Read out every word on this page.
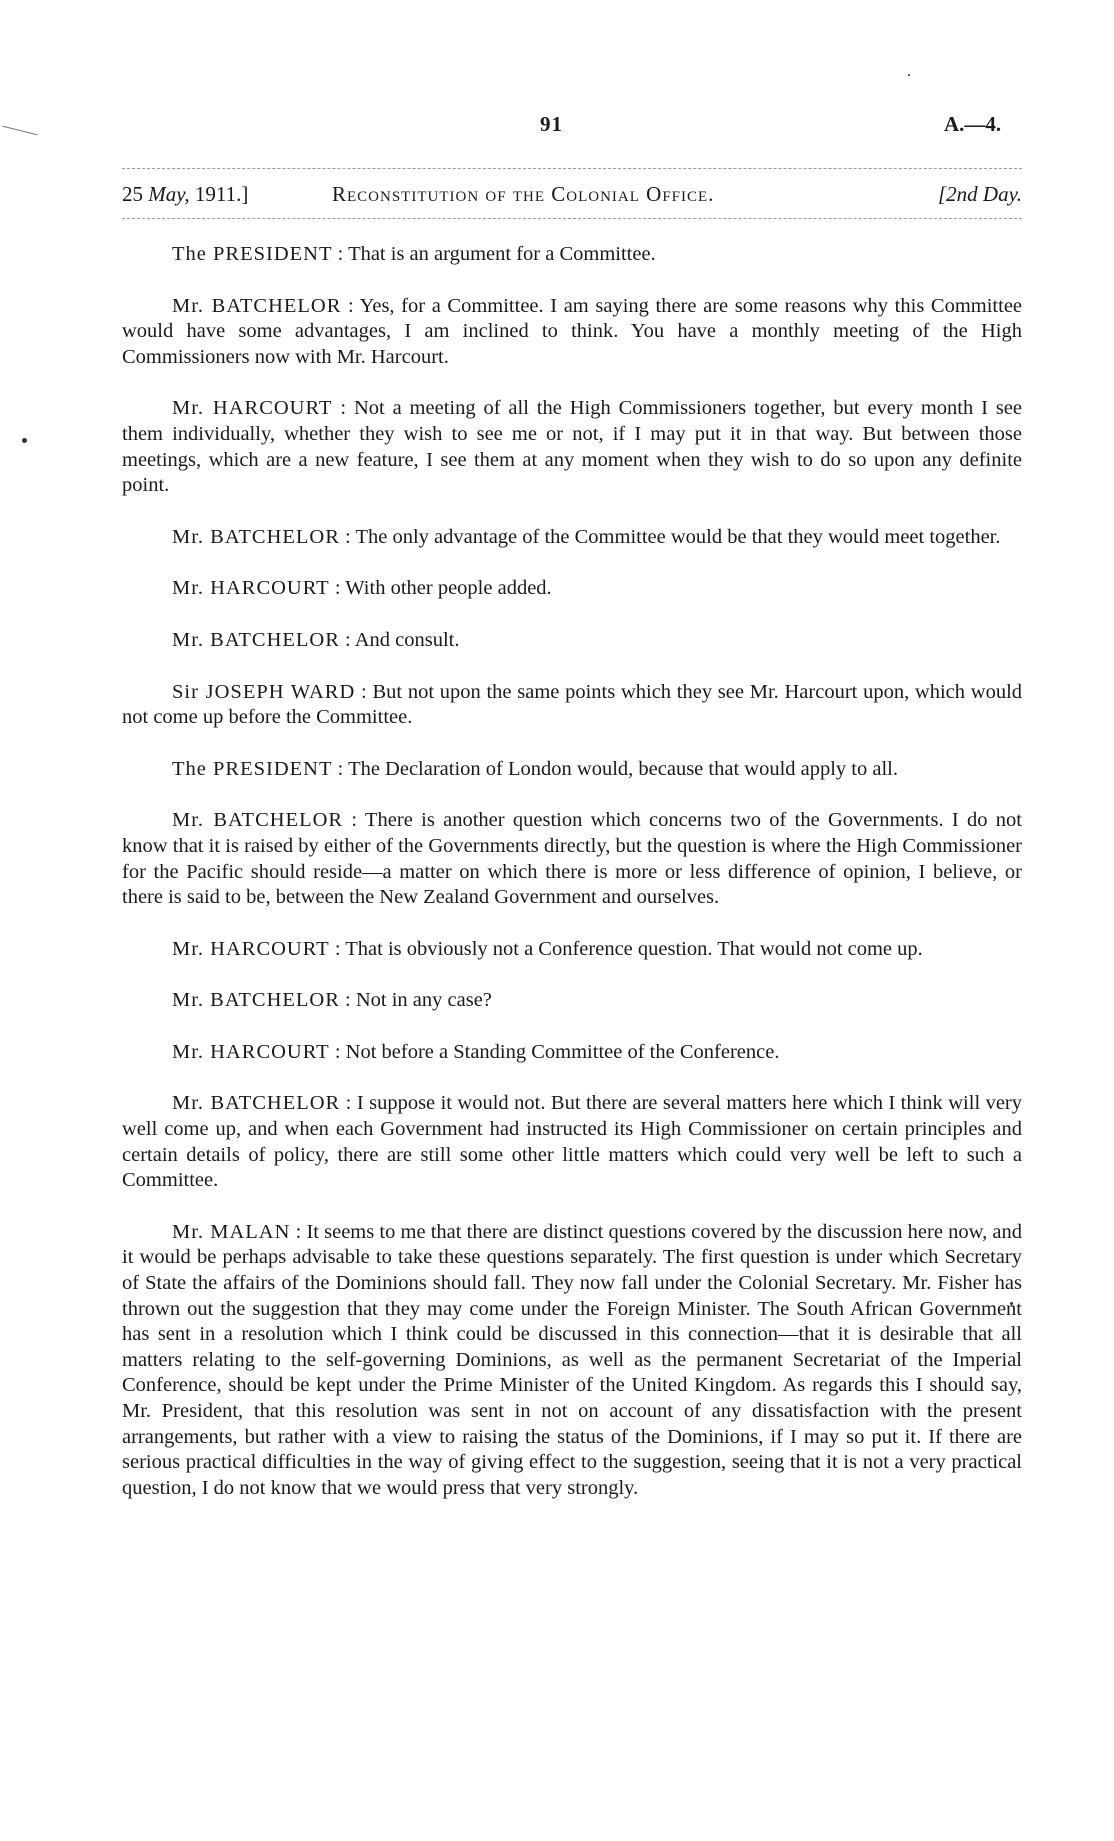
91	A.—4.
25 May, 1911.]	Reconstitution of the Colonial Office.	[2nd Day.

The PRESIDENT : That is an argument for a Committee.

Mr. BATCHELOR : Yes, for a Committee. I am saying there are some reasons why this Committee would have some advantages, I am inclined to think. You have a monthly meeting of the High Commissioners now with Mr. Harcourt.

Mr. HARCOURT : Not a meeting of all the High Commissioners together, but every month I see them individually, whether they wish to see me or not, if I may put it in that way. But between those meetings, which are a new feature, I see them at any moment when they wish to do so upon any definite point.

Mr. BATCHELOR : The only advantage of the Committee would be that they would meet together.

Mr. HARCOURT : With other people added.

Mr. BATCHELOR : And consult.

Sir JOSEPH WARD : But not upon the same points which they see Mr. Harcourt upon, which would not come up before the Committee.

The PRESIDENT : The Declaration of London would, because that would apply to all.

Mr. BATCHELOR : There is another question which concerns two of the Governments. I do not know that it is raised by either of the Governments directly, but the question is where the High Commissioner for the Pacific should reside—a matter on which there is more or less difference of opinion, I believe, or there is said to be, between the New Zealand Government and ourselves.

Mr. HARCOURT : That is obviously not a Conference question. That would not come up.

Mr. BATCHELOR : Not in any case?

Mr. HARCOURT : Not before a Standing Committee of the Conference.

Mr. BATCHELOR : I suppose it would not. But there are several matters here which I think will very well come up, and when each Government had instructed its High Commissioner on certain principles and certain details of policy, there are still some other little matters which could very well be left to such a Committee.

Mr. MALAN : It seems to me that there are distinct questions covered by the discussion here now, and it would be perhaps advisable to take these questions separately. The first question is under which Secretary of State the affairs of the Dominions should fall. They now fall under the Colonial Secretary. Mr. Fisher has thrown out the suggestion that they may come under the Foreign Minister. The South African Government has sent in a resolution which I think could be discussed in this connection—that it is desirable that all matters relating to the self-governing Dominions, as well as the permanent Secretariat of the Imperial Conference, should be kept under the Prime Minister of the United Kingdom. As regards this I should say, Mr. President, that this resolution was sent in not on account of any dissatisfaction with the present arrangements, but rather with a view to raising the status of the Dominions, if I may so put it. If there are serious practical difficulties in the way of giving effect to the suggestion, seeing that it is not a very practical question, I do not know that we would press that very strongly.
